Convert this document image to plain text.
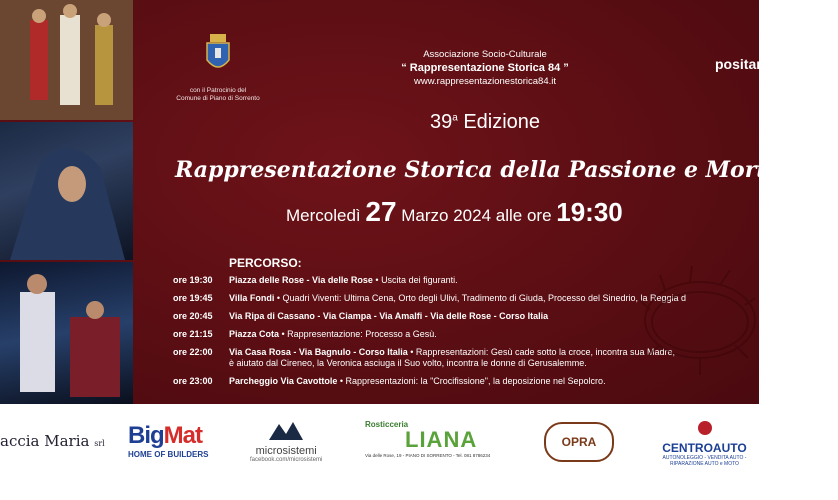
con il Patrocinio del
Comune di Piano di Sorrento
Associazione Socio-Culturale
“ Rappresentazione Storica 84 ”
www.rappresentazionestorica84.it
positano
39$^a$ Edizione
Rappresentazione Storica della Passione e Morte di G
Mercoledì 27 Marzo 2024 alle ore 19:30
PERCORSO:
ore 19:30	Piazza delle Rose - Via delle Rose • Uscita dei figuranti.
ore 19:45	Villa Fondi • Quadri Viventi: Ultima Cena, Orto degli Ulivi, Tradimento di Giuda, Processo del Sinedrio, la Reggia d
ore 20:45	Via Ripa di Cassano - Via Ciampa - Via Amalfi - Via delle Rose - Corso Italia
ore 21:15	Piazza Cota • Rappresentazione: Processo a Gesù.
ore 22:00	Via Casa Rosa - Via Bagnulo - Corso Italia • Rappresentazioni: Gesù cade sotto la croce, incontra sua Madre,
è aiutato dal Cireneo, la Veronica asciuga il Suo volto, incontra le donne di Gerusalemme.
ore 23:00	Parcheggio Via Cavottole • Rappresentazioni: la "Crocifissione", la deposizione nel Sepolcro.
accia Maria srl BigMat
HOME OF BUILDERS	microsistemi
facebook.com/microsistemi
Rosticceria
LIANA
Via delle Rose, 19 - PIANO DI SORRENTO - Tel. 081 8786234
OPRA	CENTROAUTO
AUTONOLEGGIO - VENDITA AUTO - RIPARAZIONE AUTO e MOTO
